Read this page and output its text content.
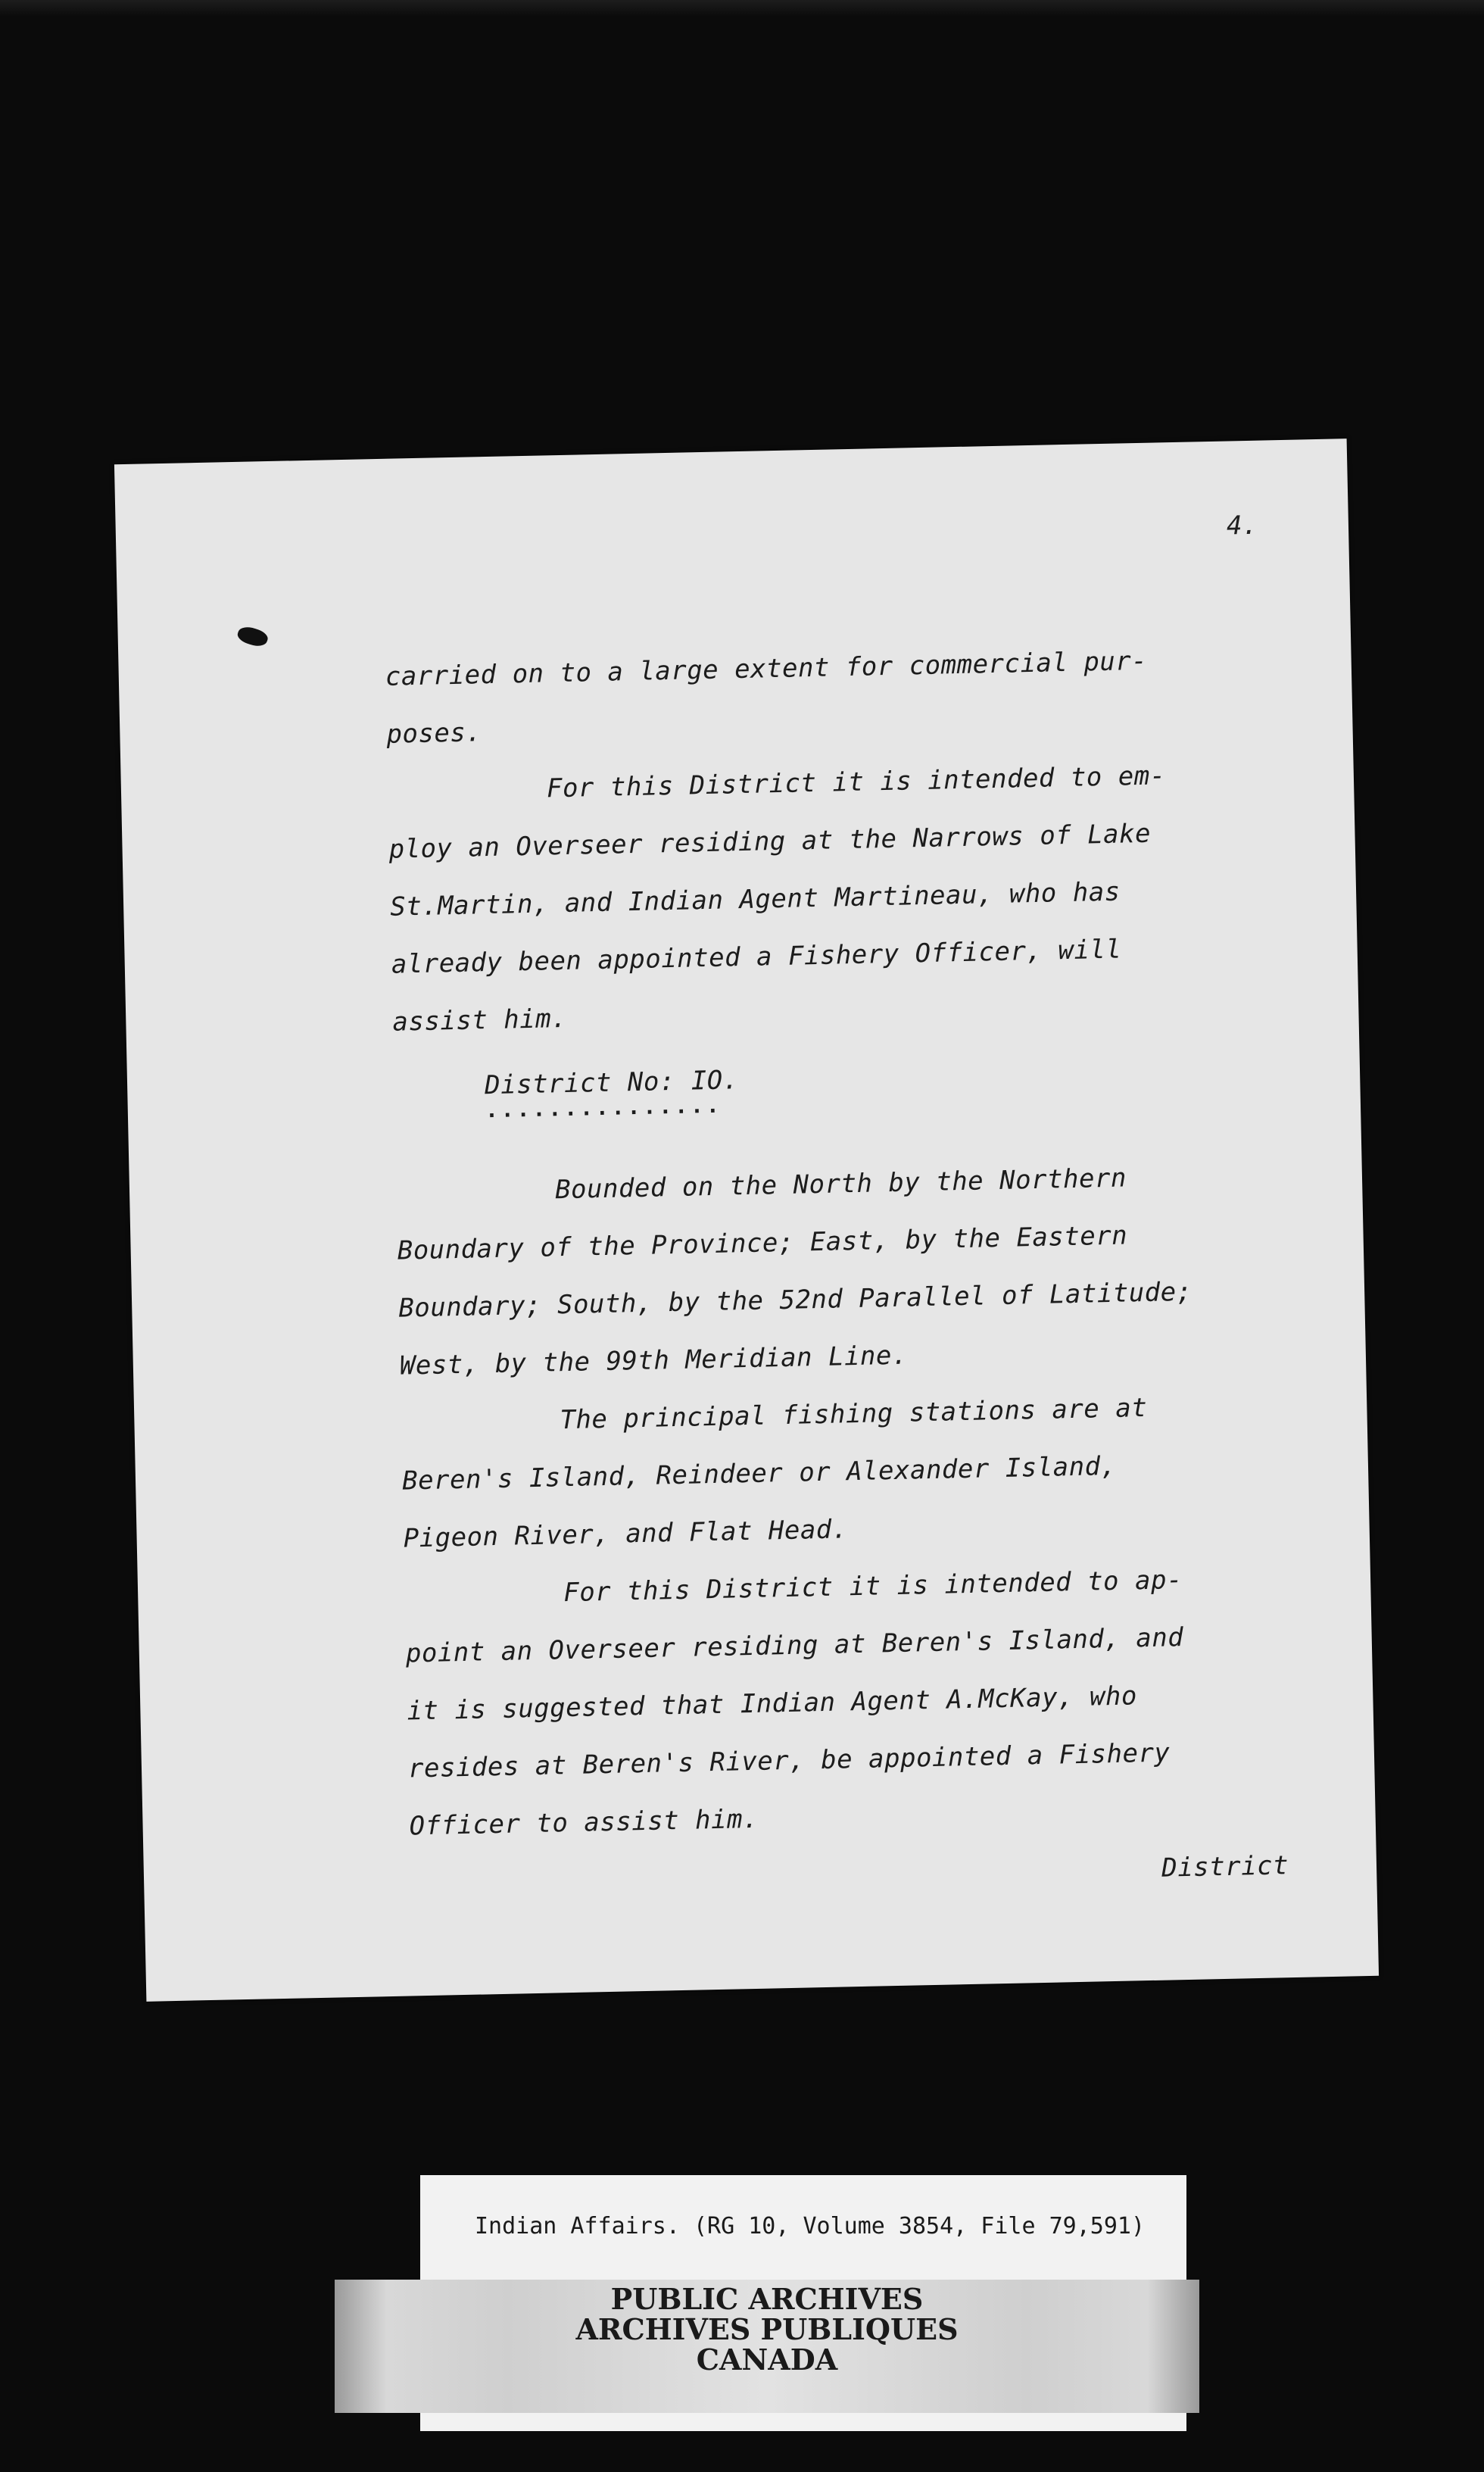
4.
carried on to a large extent for commercial pur-
poses.
For this District it is intended to em-
ploy an Overseer residing at the Narrows of Lake
St.Martin, and Indian Agent Martineau, who has
already been appointed a Fishery Officer, will
assist him.
District No: IO.
...............
Bounded on the North by the Northern
Boundary of the Province; East, by the Eastern
Boundary; South, by the 52nd Parallel of Latitude;
West, by the 99th Meridian Line.
The principal fishing stations are at
Beren's Island, Reindeer or Alexander Island,
Pigeon River, and Flat Head.
For this District it is intended to ap-
point an Overseer residing at Beren's Island, and
it is suggested that Indian Agent A.McKay, who
resides at Beren's River, be appointed a Fishery
Officer to assist him.
District
Indian Affairs. (RG 10, Volume 3854, File 79,591)
PUBLIC ARCHIVES
ARCHIVES PUBLIQUES
CANADA
